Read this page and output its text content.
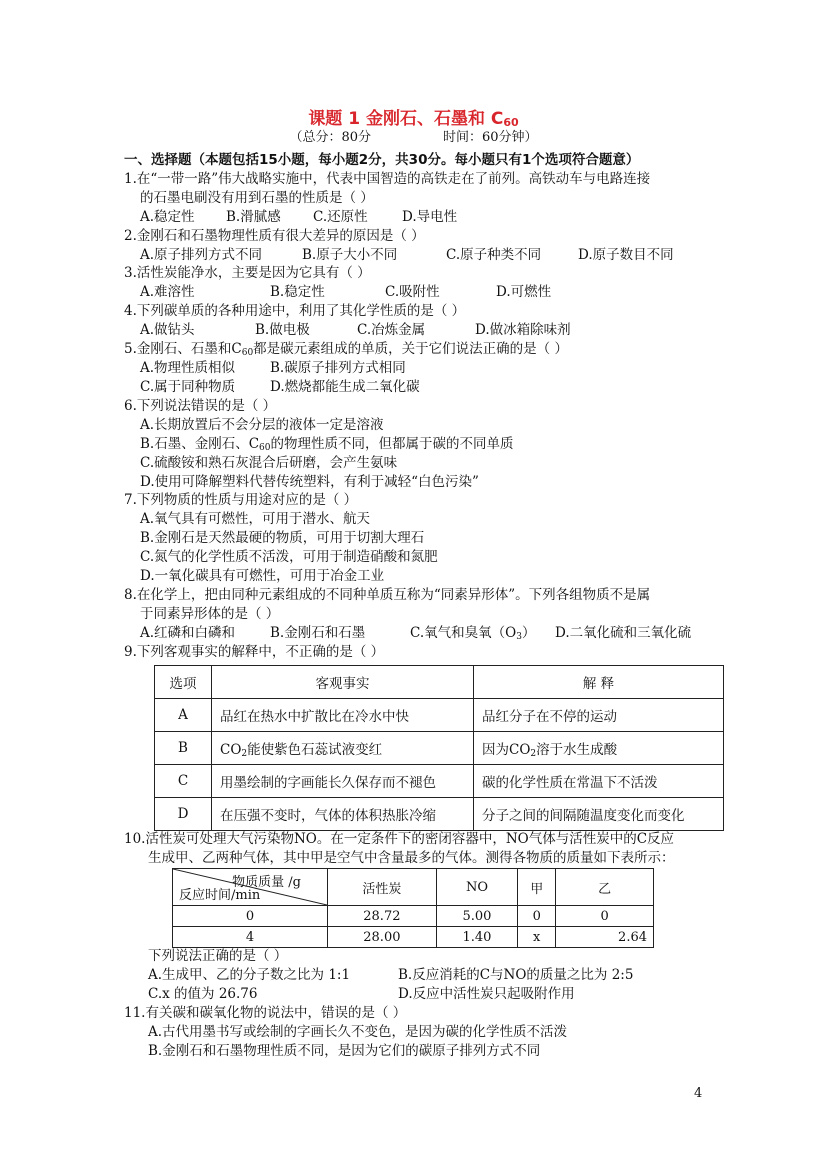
课题 1 金刚石、石墨和 $C_{60}$
（总分：80分	时间：60分钟）
一、选择题（本题包括15小题，每小题2分，共30分。每小题只有1个选项符合题意）
1.在“一带一路”伟大战略实施中，代表中国智造的高铁走在了前列。高铁动车与电路连接
的石墨电刷没有用到石墨的性质是（ ）
A.稳定性 B.滑腻感 C.还原性	D.导电性
2.金刚石和石墨物理性质有很大差异的原因是（ ）
A.原子排列方式不同	B.原子大小不同	C.原子种类不同	D.原子数目不同
3.活性炭能净水，主要是因为它具有（ ）
A.难溶性	B.稳定性	C.吸附性	D.可燃性
4.下列碳单质的各种用途中，利用了其化学性质的是（ ）
A.做钻头	B.做电极	C.冶炼金属	D.做冰箱除味剂
5.金刚石、石墨和$C_{60}$都是碳元素组成的单质，关于它们说法正确的是（ ）
A.物理性质相似	B.碳原子排列方式相同
C.属于同种物质	D.燃烧都能生成二氧化碳
6.下列说法错误的是（ ）
A.长期放置后不会分层的液体一定是溶液
B.石墨、金刚石、$C_{60}$的物理性质不同，但都属于碳的不同单质
C.硫酸铵和熟石灰混合后研磨，会产生氨味
D.使用可降解塑料代替传统塑料，有利于减轻“白色污染”
7.下列物质的性质与用途对应的是（ ）
A.氧气具有可燃性，可用于潜水、航天
B.金刚石是天然最硬的物质，可用于切割大理石
C.氮气的化学性质不活泼，可用于制造硝酸和氮肥
D.一氧化碳具有可燃性，可用于冶金工业
8.在化学上，把由同种元素组成的不同种单质互称为“同素异形体”。下列各组物质不是属
于同素异形体的是（ ）
A.红磷和白磷和	B.金刚石和石墨	C.氧气和臭氧$(O_3)$ D.二氧化硫和三氧化硫
9.下列客观事实的解释中，不正确的是（ ）
选项	客观事实	解 释
A	品红在热水中扩散比在冷水中快	品红分子在不停的运动
B	$CO_2$能使紫色石蕊试液变红	因为$CO_2$溶于水生成酸
C	用墨绘制的字画能长久保存而不褪色	碳的化学性质在常温下不活泼
D	在压强不变时，气体的体积热胀冷缩	分子之间的间隔随温度变化而变化
10.活性炭可处理大气污染物NO。在一定条件下的密闭容器中，NO气体与活性炭中的C反应
生成甲、乙两种气体，其中甲是空气中含量最多的气体。测得各物质的质量如下表所示：
物质质量 /g
反应时间/min	活性炭	NO	甲	乙
0	28.72	5.00	0	0
4	28.00	1.40	x	2.64
下列说法正确的是（ ）
A.生成甲、乙的分子数之比为 1:1	B.反应消耗的C与NO的质量之比为 2:5
C.x 的值为 26.76	D.反应中活性炭只起吸附作用
11.有关碳和碳氧化物的说法中，错误的是（ ）
A.古代用墨书写或绘制的字画长久不变色，是因为碳的化学性质不活泼
B.金刚石和石墨物理性质不同，是因为它们的碳原子排列方式不同
4
